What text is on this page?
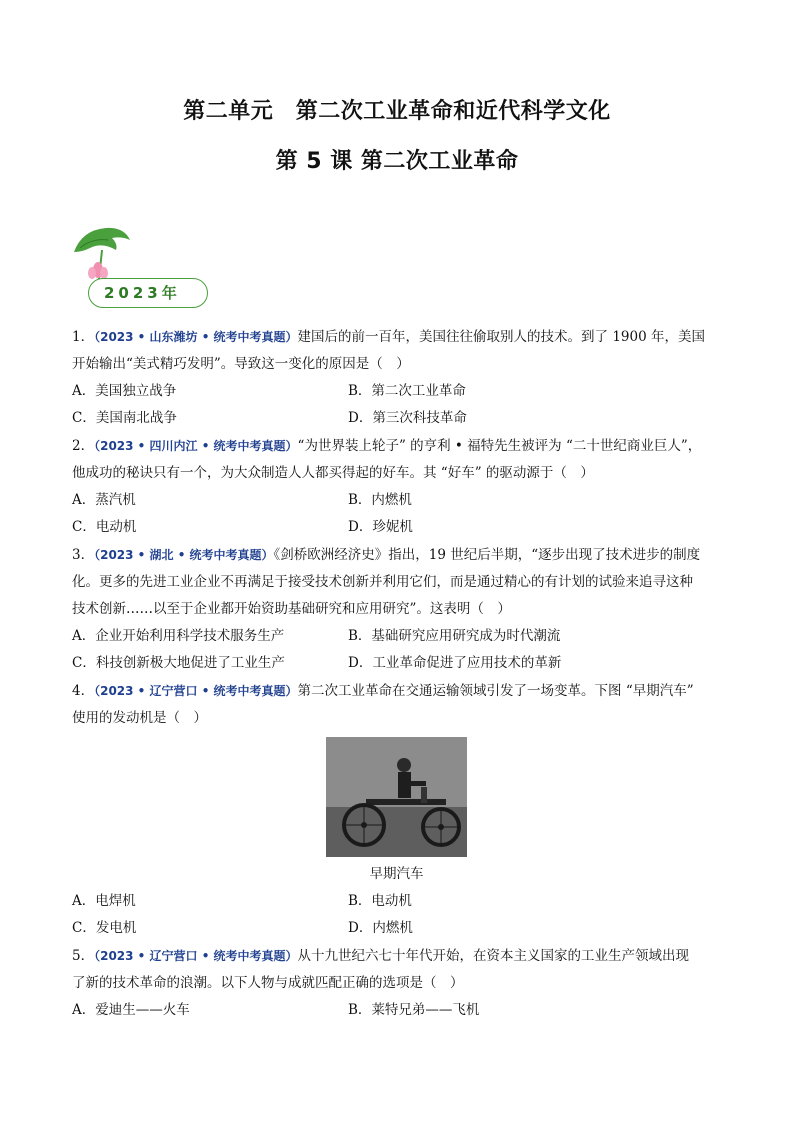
第二单元　第二次工业革命和近代科学文化
第 5 课 第二次工业革命
2023年
1．（2023 • 山东潍坊 • 统考中考真题）建国后的前一百年，美国往往偷取别人的技术。到了 1900 年，美国
开始输出“美式精巧发明”。导致这一变化的原因是（　）
A．美国独立战争	B．第二次工业革命
C．美国南北战争	D．第三次科技革命
2．（2023 • 四川内江 • 统考中考真题）“为世界装上轮子” 的亨利 • 福特先生被评为 “二十世纪商业巨人”，
他成功的秘诀只有一个，为大众制造人人都买得起的好车。其 “好车” 的驱动源于（　）
A．蒸汽机	B．内燃机
C．电动机	D．珍妮机
3．（2023 • 湖北 • 统考中考真题）《剑桥欧洲经济史》指出，19 世纪后半期，“逐步出现了技术进步的制度
化。更多的先进工业企业不再满足于接受技术创新并利用它们，而是通过精心的有计划的试验来追寻这种
技术创新……以至于企业都开始资助基础研究和应用研究”。这表明（　）
A．企业开始利用科学技术服务生产	B．基础研究应用研究成为时代潮流
C．科技创新极大地促进了工业生产	D．工业革命促进了应用技术的革新
4．（2023 • 辽宁营口 • 统考中考真题）第二次工业革命在交通运输领域引发了一场变革。下图 “早期汽车”
使用的发动机是（　）
早期汽车
A．电焊机	B．电动机
C．发电机	D．内燃机
5．（2023 • 辽宁营口 • 统考中考真题）从十九世纪六七十年代开始，在资本主义国家的工业生产领域出现
了新的技术革命的浪潮。以下人物与成就匹配正确的选项是（　）
A．爱迪生——火车	B．莱特兄弟——飞机
